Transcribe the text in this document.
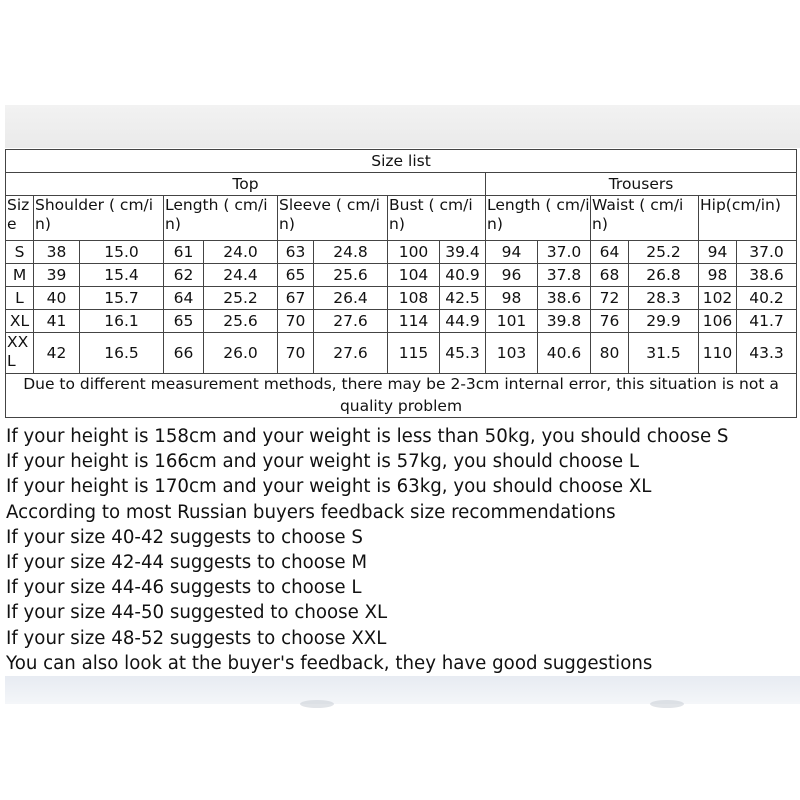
Size list														
Top									Trousers					
Size	Shoulder ( cm/in)		Length ( cm/in)		Sleeve ( cm/in)		Bust ( cm/in)		Length ( cm/in)		Waist ( cm/in)		Hip(cm/in)	
S	38	15.0	61	24.0	63	24.8	100	39.4	94	37.0	64	25.2	94	37.0
M	39	15.4	62	24.4	65	25.6	104	40.9	96	37.8	68	26.8	98	38.6
L	40	15.7	64	25.2	67	26.4	108	42.5	98	38.6	72	28.3	102	40.2
XL	41	16.1	65	25.6	70	27.6	114	44.9	101	39.8	76	29.9	106	41.7
XXL	42	16.5	66	26.0	70	27.6	115	45.3	103	40.6	80	31.5	110	43.3
Due to different measurement methods, there may be 2-3cm internal error, this situation is not a quality problem														
If your height is 158cm and your weight is less than 50kg, you should choose S
If your height is 166cm and your weight is 57kg, you should choose L
If your height is 170cm and your weight is 63kg, you should choose XL
According to most Russian buyers feedback size recommendations
If your size 40-42 suggests to choose S
If your size 42-44 suggests to choose M
If your size 44-46 suggests to choose L
If your size 44-50 suggested to choose XL
If your size 48-52 suggests to choose XXL
You can also look at the buyer's feedback, they have good suggestions
